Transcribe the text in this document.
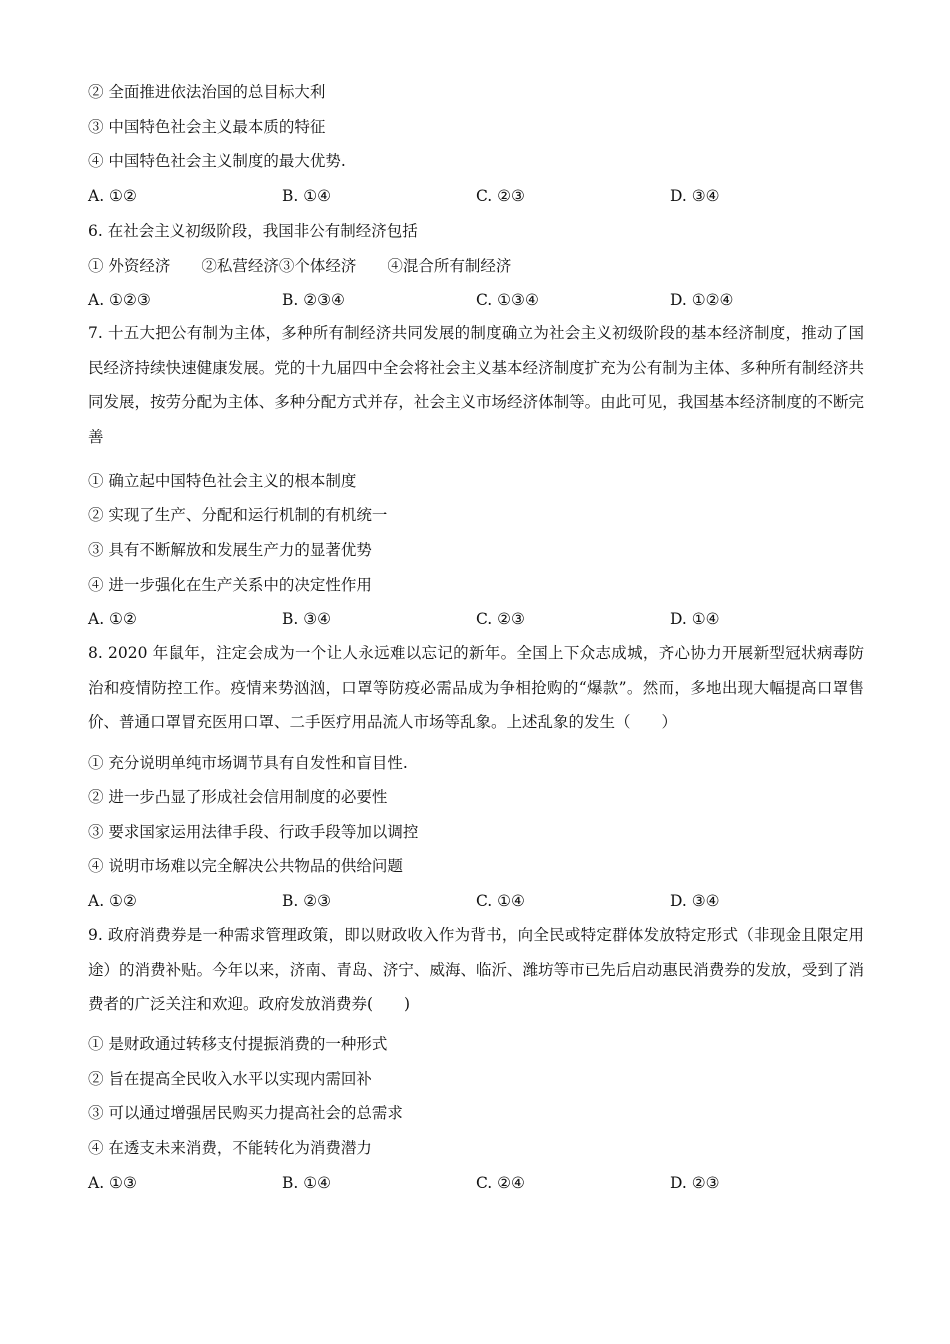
② 全面推进依法治国的总目标大利
③ 中国特色社会主义最本质的特征
④ 中国特色社会主义制度的最大优势.
A. ①②	B. ①④	C. ②③	D. ③④
6. 在社会主义初级阶段，我国非公有制经济包括
① 外资经济　　②私营经济③个体经济　　④混合所有制经济
A. ①②③	B. ②③④	C. ①③④	D. ①②④
7. 十五大把公有制为主体，多种所有制经济共同发展的制度确立为社会主义初级阶段的基本经济制度，推动了国民经济持续快速健康发展。党的十九届四中全会将社会主义基本经济制度扩充为公有制为主体、多种所有制经济共同发展，按劳分配为主体、多种分配方式并存，社会主义市场经济体制等。由此可见，我国基本经济制度的不断完善
① 确立起中国特色社会主义的根本制度
② 实现了生产、分配和运行机制的有机统一
③ 具有不断解放和发展生产力的显著优势
④ 进一步强化在生产关系中的决定性作用
A. ①②	B. ③④	C. ②③	D. ①④
8. 2020 年鼠年，注定会成为一个让人永远难以忘记的新年。全国上下众志成城，齐心协力开展新型冠状病毒防治和疫情防控工作。疫情来势汹汹，口罩等防疫必需品成为争相抢购的“爆款”。然而，多地出现大幅提高口罩售价、普通口罩冒充医用口罩、二手医疗用品流人市场等乱象。上述乱象的发生（　　）
① 充分说明单纯市场调节具有自发性和盲目性.
② 进一步凸显了形成社会信用制度的必要性
③ 要求国家运用法律手段、行政手段等加以调控
④ 说明市场难以完全解决公共物品的供给问题
A. ①②	B. ②③	C. ①④	D. ③④
9. 政府消费券是一种需求管理政策，即以财政收入作为背书，向全民或特定群体发放特定形式（非现金且限定用途）的消费补贴。今年以来，济南、青岛、济宁、威海、临沂、潍坊等市已先后启动惠民消费券的发放，受到了消费者的广泛关注和欢迎。政府发放消费券(　　)
① 是财政通过转移支付提振消费的一种形式
② 旨在提高全民收入水平以实现内需回补
③ 可以通过增强居民购买力提高社会的总需求
④ 在透支未来消费，不能转化为消费潜力
A. ①③	B. ①④	C. ②④	D. ②③
